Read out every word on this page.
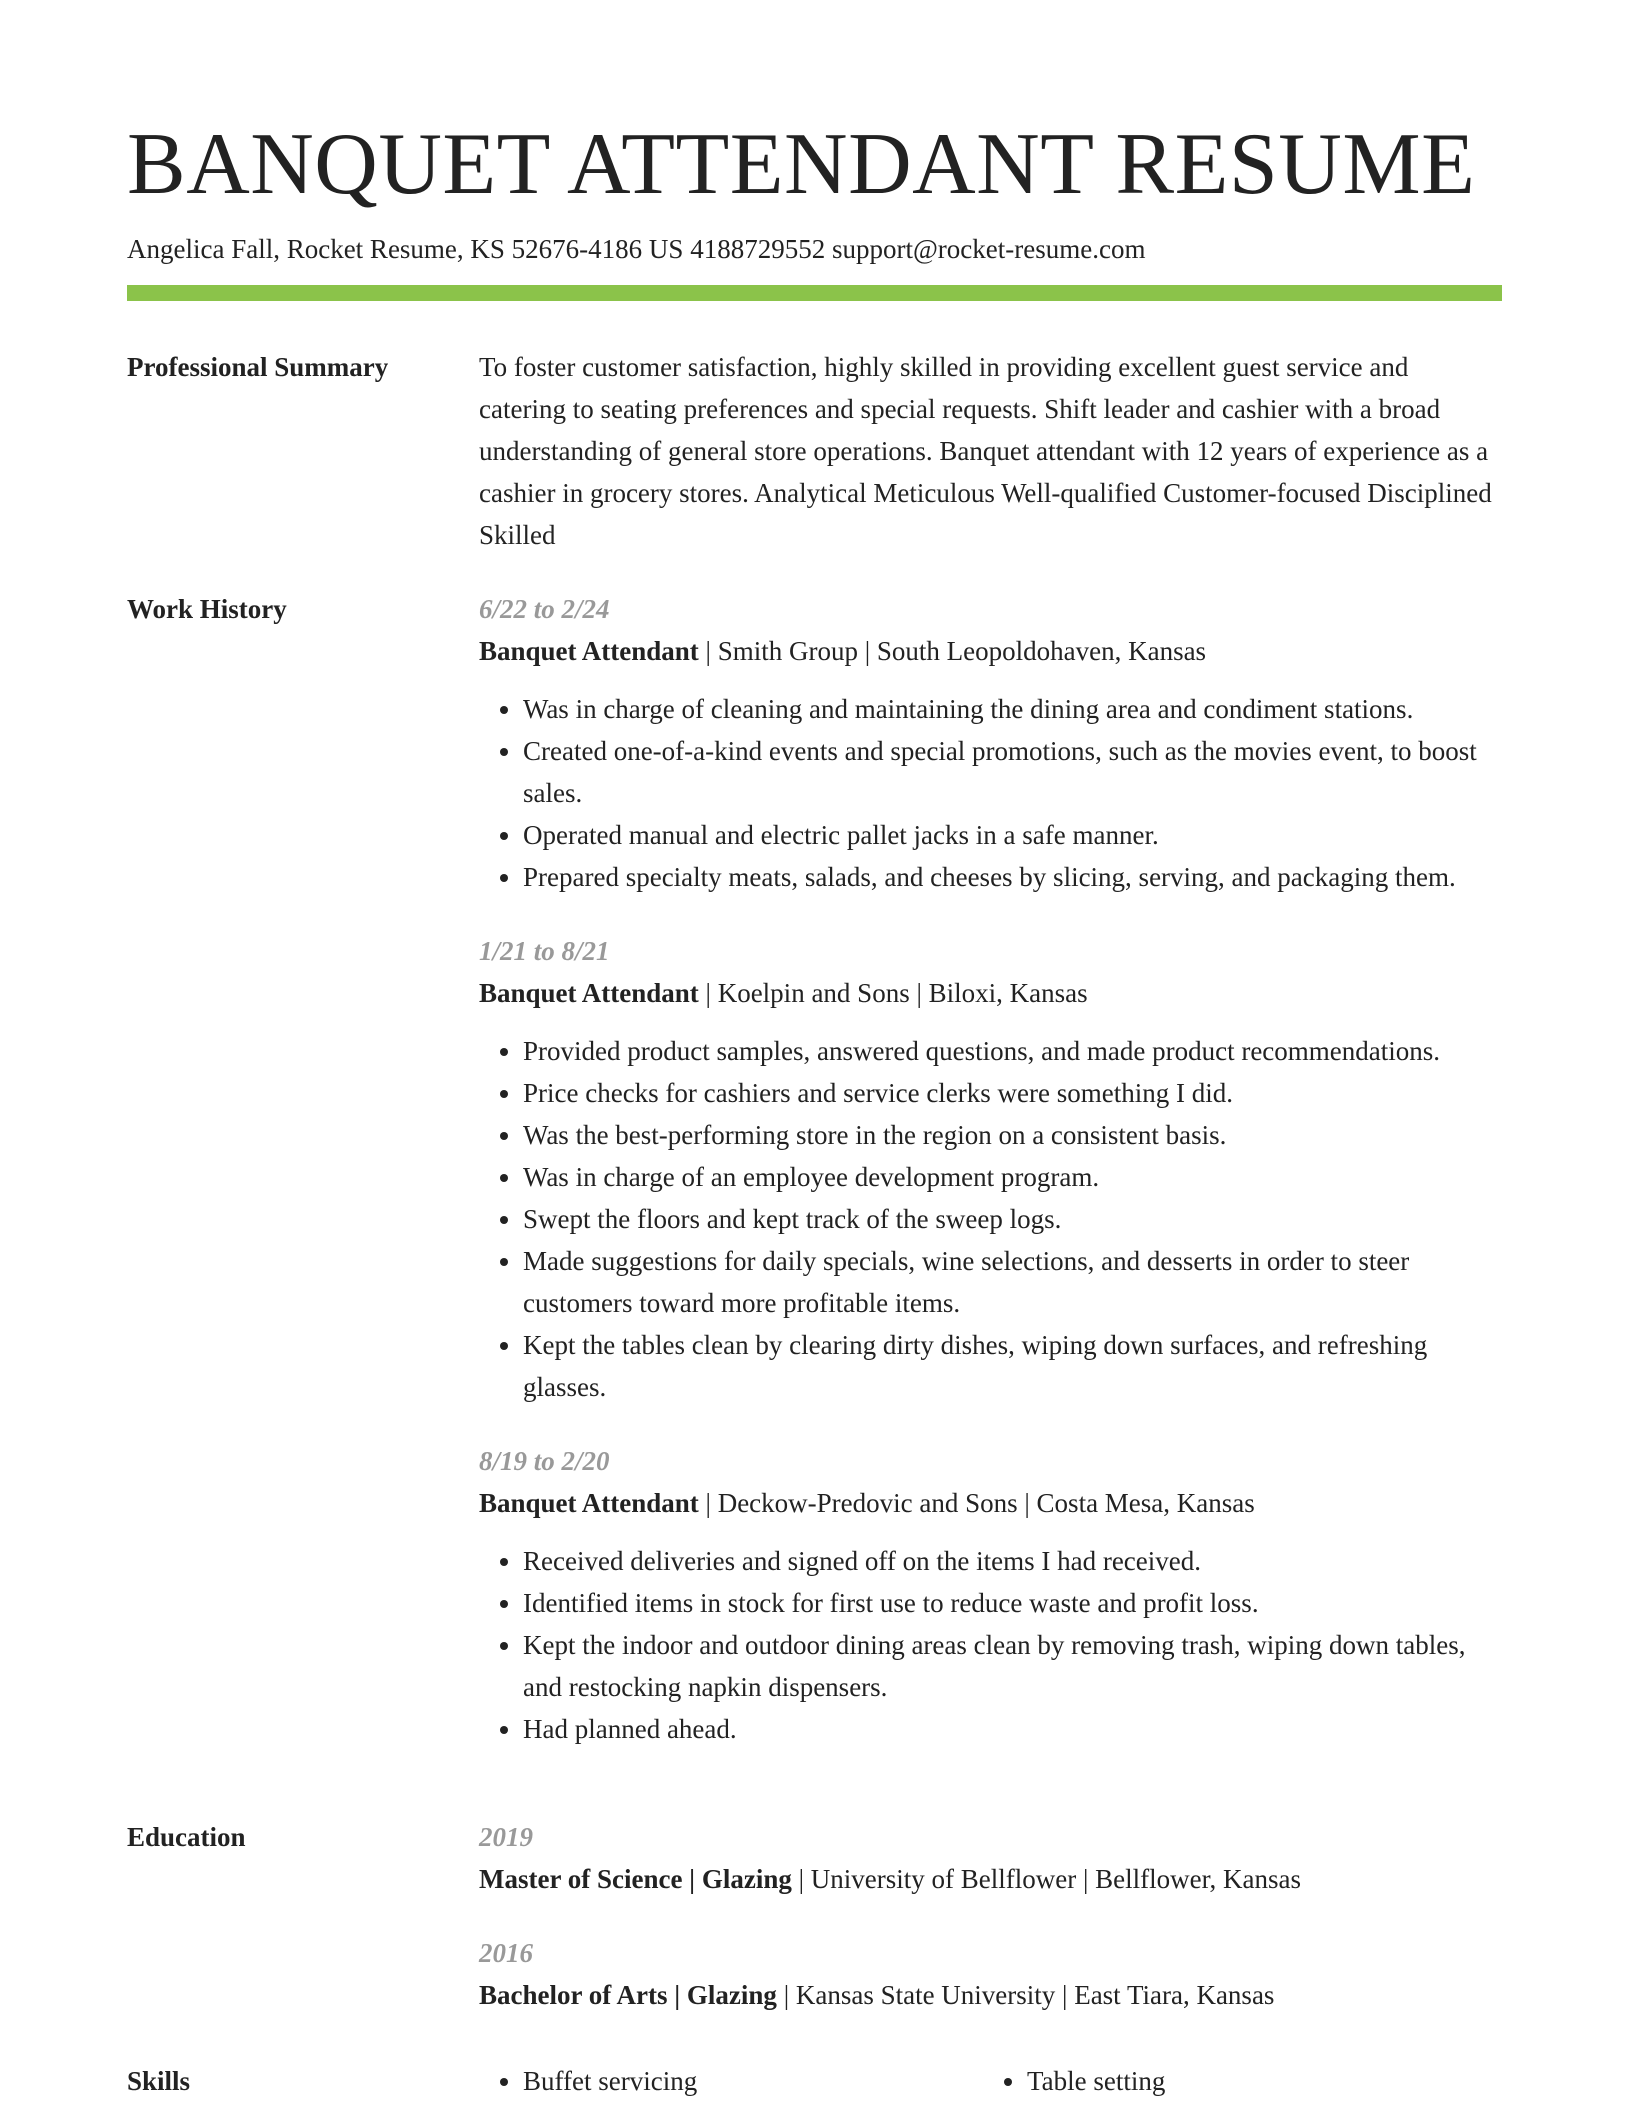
BANQUET ATTENDANT RESUME
Angelica Fall, Rocket Resume, KS 52676-4186 US 4188729552 support@rocket-resume.com
Professional Summary	To foster customer satisfaction, highly skilled in providing excellent guest service and catering to seating preferences and special requests. Shift leader and cashier with a broad understanding of general store operations. Banquet attendant with 12 years of experience as a cashier in grocery stores. Analytical Meticulous Well-qualified Customer-focused Disciplined Skilled

Work History	6/22 to 2/24

Banquet Attendant | Smith Group | South Leopoldohaven, Kansas

• Was in charge of cleaning and maintaining the dining area and condiment stations.
• Created one-of-a-kind events and special promotions, such as the movies event, to boost sales.
• Operated manual and electric pallet jacks in a safe manner.
• Prepared specialty meats, salads, and cheeses by slicing, serving, and packaging them.

1/21 to 8/21

Banquet Attendant | Koelpin and Sons | Biloxi, Kansas

• Provided product samples, answered questions, and made product recommendations.
• Price checks for cashiers and service clerks were something I did.
• Was the best-performing store in the region on a consistent basis.
• Was in charge of an employee development program.
• Swept the floors and kept track of the sweep logs.
• Made suggestions for daily specials, wine selections, and desserts in order to steer customers toward more profitable items.
• Kept the tables clean by clearing dirty dishes, wiping down surfaces, and refreshing glasses.

8/19 to 2/20

Banquet Attendant | Deckow-Predovic and Sons | Costa Mesa, Kansas

• Received deliveries and signed off on the items I had received.
• Identified items in stock for first use to reduce waste and profit loss.
• Kept the indoor and outdoor dining areas clean by removing trash, wiping down tables, and restocking napkin dispensers.
• Had planned ahead.
Education	2019

Master of Science | Glazing | University of Bellflower | Bellflower, Kansas

2016

Bachelor of Arts | Glazing | Kansas State University | East Tiara, Kansas

Skills	• Buffet servicing	• Table setting
